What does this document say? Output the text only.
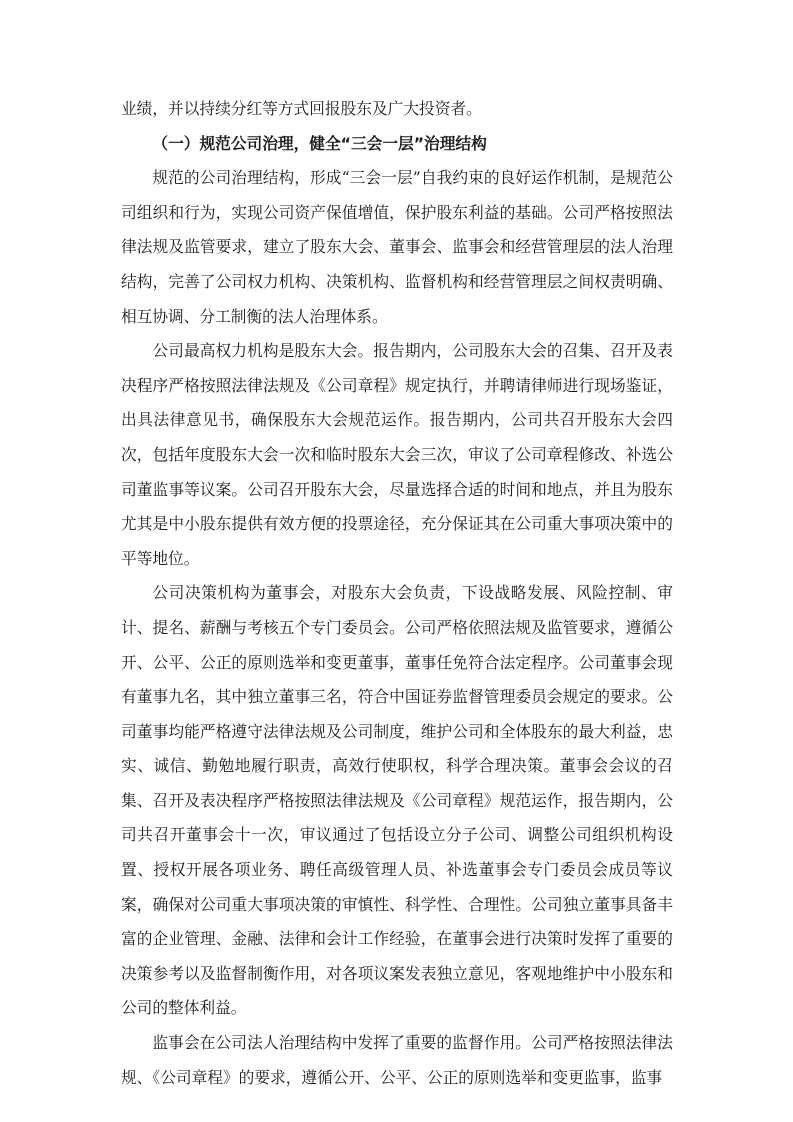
业绩，并以持续分红等方式回报股东及广大投资者。

（一）规范公司治理，健全“三会一层”治理结构

规范的公司治理结构，形成“三会一层”自我约束的良好运作机制，是规范公司组织和行为，实现公司资产保值增值，保护股东利益的基础。公司严格按照法律法规及监管要求，建立了股东大会、董事会、监事会和经营管理层的法人治理结构，完善了公司权力机构、决策机构、监督机构和经营管理层之间权责明确、相互协调、分工制衡的法人治理体系。

公司最高权力机构是股东大会。报告期内，公司股东大会的召集、召开及表决程序严格按照法律法规及《公司章程》规定执行，并聘请律师进行现场鉴证，出具法律意见书，确保股东大会规范运作。报告期内，公司共召开股东大会四次，包括年度股东大会一次和临时股东大会三次，审议了公司章程修改、补选公司董监事等议案。公司召开股东大会，尽量选择合适的时间和地点，并且为股东尤其是中小股东提供有效方便的投票途径，充分保证其在公司重大事项决策中的平等地位。

公司决策机构为董事会，对股东大会负责，下设战略发展、风险控制、审计、提名、薪酬与考核五个专门委员会。公司严格依照法规及监管要求，遵循公开、公平、公正的原则选举和变更董事，董事任免符合法定程序。公司董事会现有董事九名，其中独立董事三名，符合中国证券监督管理委员会规定的要求。公司董事均能严格遵守法律法规及公司制度，维护公司和全体股东的最大利益，忠实、诚信、勤勉地履行职责，高效行使职权，科学合理决策。董事会会议的召集、召开及表决程序严格按照法律法规及《公司章程》规范运作，报告期内，公司共召开董事会十一次，审议通过了包括设立分子公司、调整公司组织机构设置、授权开展各项业务、聘任高级管理人员、补选董事会专门委员会成员等议案，确保对公司重大事项决策的审慎性、科学性、合理性。公司独立董事具备丰富的企业管理、金融、法律和会计工作经验，在董事会进行决策时发挥了重要的决策参考以及监督制衡作用，对各项议案发表独立意见，客观地维护中小股东和公司的整体利益。

监事会在公司法人治理结构中发挥了重要的监督作用。公司严格按照法律法规、《公司章程》的要求，遵循公开、公平、公正的原则选举和变更监事，监事
